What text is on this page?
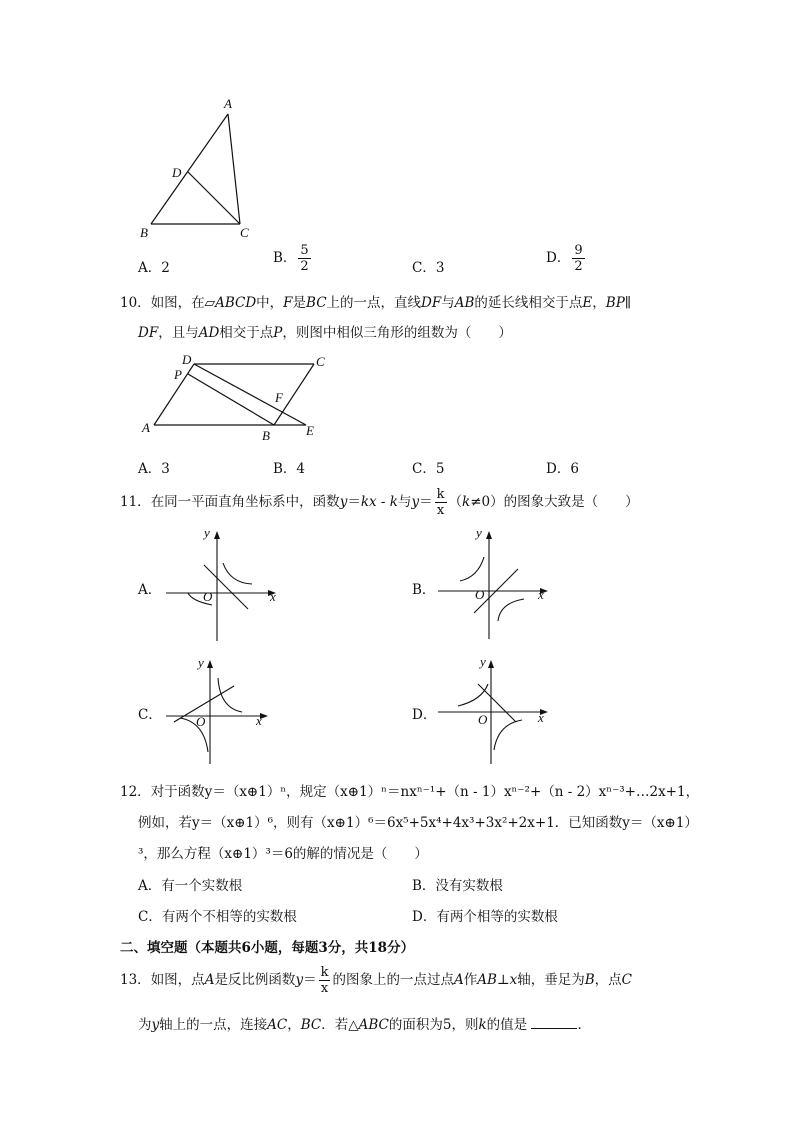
A
D
B	C
A．2
B． $\frac{5}{2}$	C．3
D． $\frac{9}{2}$
10．如图，在▱ABCD中，F是BC上的一点，直线DF与AB的延长线相交于点E，BP∥
DF，且与AD相交于点P，则图中相似三角形的组数为（　　）
D	C
P
F
A
B	E
A．3	B．4	C．5	D．6
11．在同一平面直角坐标系中，函数y＝kx - k与$y= \frac{k}{x} (k\ne 0)$的图象大致是（　　）
A．
y
x
O	B．
y
x
O
C．
y
x
O	D．
y
x
O
12．对于函数y＝（x⊕1）ⁿ，规定（x⊕1）ⁿ＝nxⁿ⁻¹+（n - 1）xⁿ⁻²+（n - 2）xⁿ⁻³+…2x+1，
例如，若y＝（x⊕1）⁶，则有（x⊕1）⁶＝6x⁵+5x⁴+4x³+3x²+2x+1．已知函数y＝（x⊕1）
³，那么方程（x⊕1）³＝6的解的情况是（　　）
A．有一个实数根	B．没有实数根
C．有两个不相等的实数根	D．有两个相等的实数根
二、填空题（本题共6小题，每题3分，共18分）
13．如图，点A是反比例函数$y= \frac{k}{x}$ 的图象上的一点过点A作AB⊥x轴，垂足为B，点C
为y轴上的一点，连接AC，BC．若△ABC的面积为5，则k的值是	．
